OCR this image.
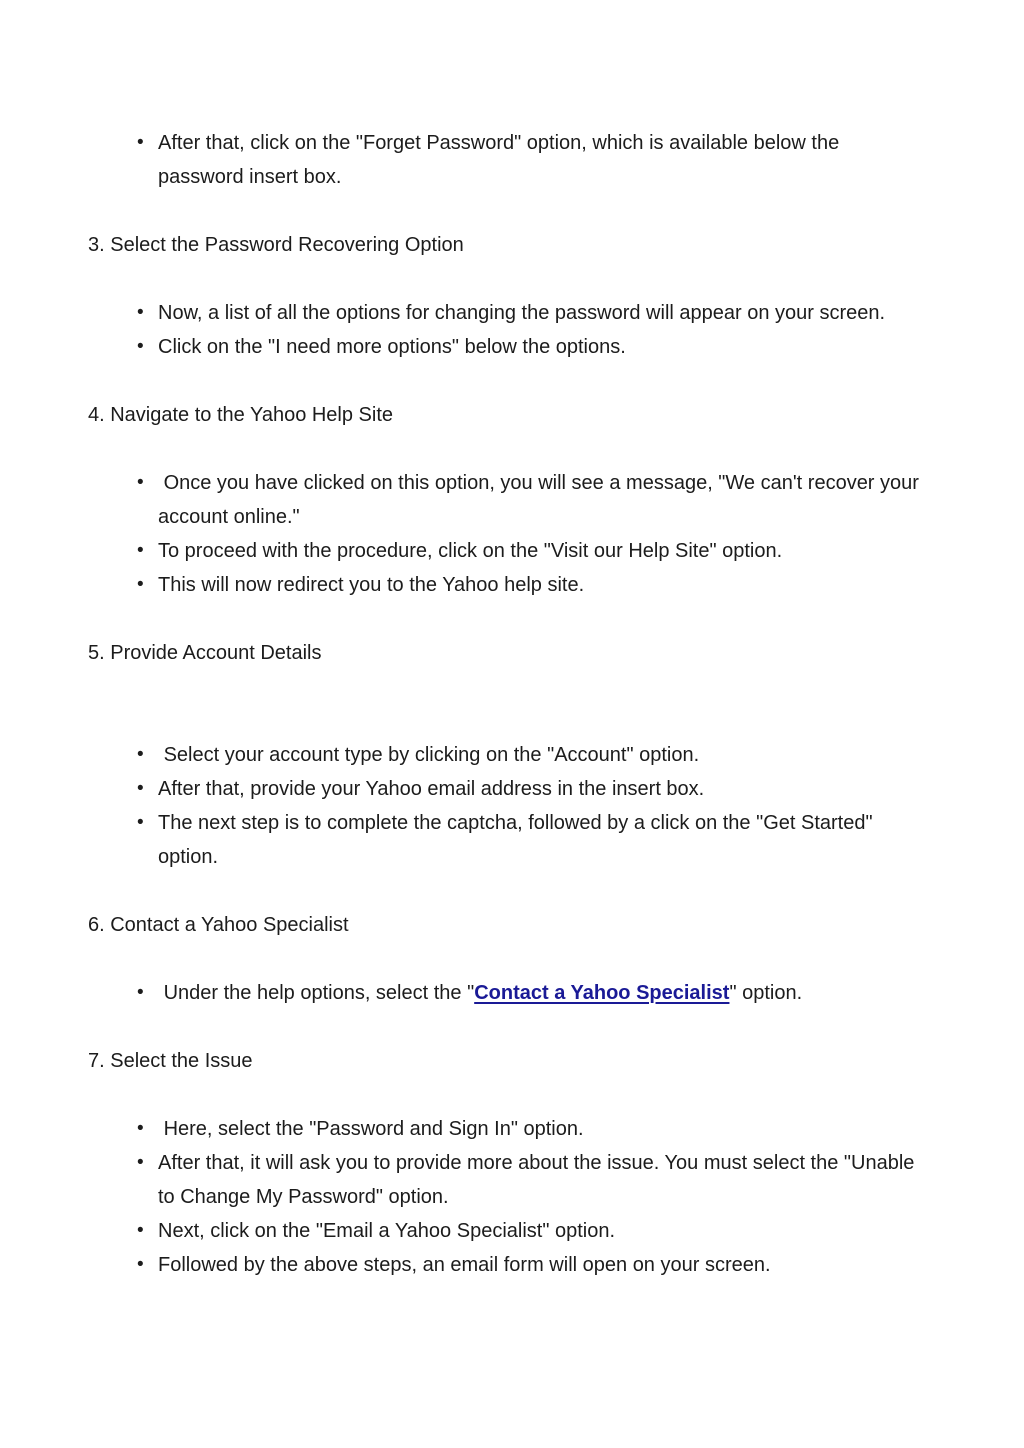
• After that, click on the "Forget Password" option, which is available below the password insert box.
3. Select the Password Recovering Option
• Now, a list of all the options for changing the password will appear on your screen.
• Click on the "I need more options" below the options.
4. Navigate to the Yahoo Help Site
•  Once you have clicked on this option, you will see a message, "We can't recover your account online."
• To proceed with the procedure, click on the "Visit our Help Site" option.
• This will now redirect you to the Yahoo help site.
5. Provide Account Details
•  Select your account type by clicking on the "Account" option.
• After that, provide your Yahoo email address in the insert box.
• The next step is to complete the captcha, followed by a click on the "Get Started" option.
6. Contact a Yahoo Specialist
•  Under the help options, select the "Contact a Yahoo Specialist" option.
7. Select the Issue
•  Here, select the "Password and Sign In" option.
• After that, it will ask you to provide more about the issue. You must select the "Unable to Change My Password" option.
• Next, click on the "Email a Yahoo Specialist" option.
• Followed by the above steps, an email form will open on your screen.
